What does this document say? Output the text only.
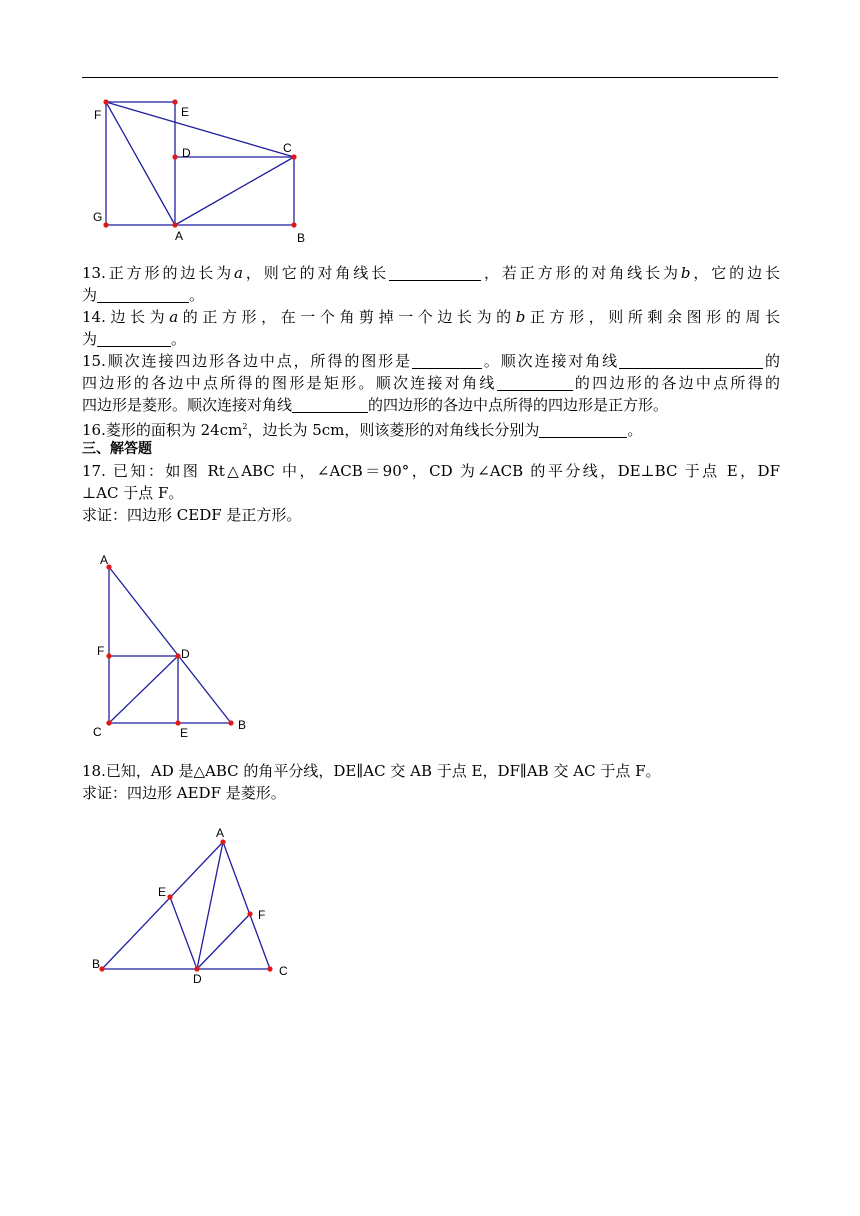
F	E
D	C
G
A	B
13.正方形的边长为a，则它的对角线长	，若正方形的对角线长为b，它的边长
为	。
14.边长为a的正方形，在一个角剪掉一个边长为的b正方形，则所剩余图形的周长
为	。
15.顺次连接四边形各边中点，所得的图形是	。顺次连接对角线	的
四边形的各边中点所得的图形是矩形。顺次连接对角线	的四边形的各边中点所得的
四边形是菱形。顺次连接对角线	的四边形的各边中点所得的四边形是正方形。
16.菱形的面积为 $24cm^2$，边长为 5cm，则该菱形的对角线长分别为	。
三、解答题
17. 已知：如图 Rt△ABC 中，∠ACB＝90°，CD 为∠ACB 的平分线，DE⊥BC 于点 E，DF
⊥AC 于点 F。
求证：四边形 CEDF 是正方形。
A
F	D
C	E
B
18.已知，AD 是△ABC 的角平分线，DE∥AC 交 AB 于点 E，DF∥AB 交 AC 于点 F。
求证：四边形 AEDF 是菱形。
A
E
F
B
D
C
